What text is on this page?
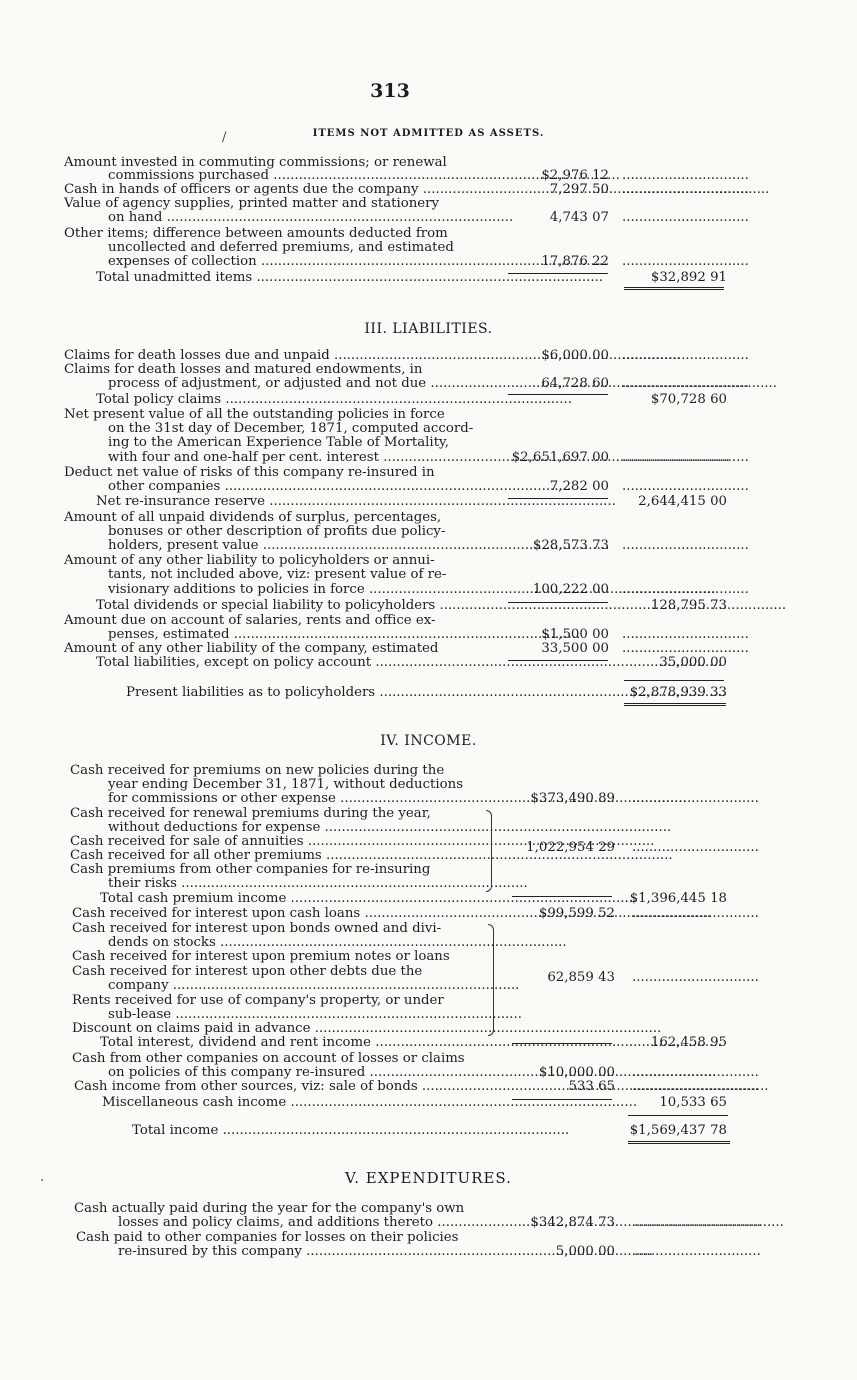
313
/	ITEMS NOT ADMITTED AS ASSETS.
Amount invested in commuting commissions; or renewal
commissions purchased .....	$2,976 12 ..............................
Cash in hands of officers or agents due the company .....	7,297 50 ..............................
Value of agency supplies, printed matter and stationery
on hand .....	4,743 07 ..............................
Other items; difference between amounts deducted from
uncollected and deferred premiums, and estimated
expenses of collection .....	17,876 22 ..............................
Total unadmitted items .....	$32,892 91
III. LIABILITIES.
Claims for death losses due and unpaid .....	$6,000 00 ..............................
Claims for death losses and matured endowments, in
process of adjustment, or adjusted and not due .....	64,728 60 ..............................
Total policy claims .....	$70,728 60
Net present value of all the outstanding policies in force
on the 31st day of December, 1871, computed accord-
ing to the American Experience Table of Mortality,
with four and one-half per cent. interest .....	$2,651,697 00 ..............................
Deduct net value of risks of this company re-insured in
other companies .....	7,282 00 ..............................
Net re-insurance reserve .....	2,644,415 00
Amount of all unpaid dividends of surplus, percentages,
bonuses or other description of profits due policy-
holders, present value .....	$28,573 73 ..............................
Amount of any other liability to policyholders or annui-
tants, not included above, viz: present value of re-
visionary additions to policies in force .....	100,222 00 ..............................
Total dividends or special liability to policyholders .....	128,795 73
Amount due on account of salaries, rents and office ex-
penses, estimated .....	$1,500 00 ..............................
Amount of any other liability of the company, estimated	33,500 00 ..............................
Total liabilities, except on policy account .....	35,000 00
Present liabilities as to policyholders .....	$2,878,939 33
IV. INCOME.
Cash received for premiums on new policies during the
year ending December 31, 1871, without deductions
for commissions or other expense .....	$373,490 89 ..............................
Cash received for renewal premiums during the year,
without deductions for expense .....
Cash received for sale of annuities .....	1,022,954 29 ..............................
Cash received for all other premiums .....
Cash premiums from other companies for re-insuring
their risks .....
Total cash premium income .....	$1,396,445 18
Cash received for interest upon cash loans .....	$99,599 52 ..............................
Cash received for interest upon bonds owned and divi-
dends on stocks .....
Cash received for interest upon premium notes or loans
Cash received for interest upon other debts due the	62,859 43 ..............................
company .....
Rents received for use of company's property, or under
sub-lease .....
Discount on claims paid in advance .....
Total interest, dividend and rent income .....	162,458 95
Cash from other companies on account of losses or claims
on policies of this company re-insured .....	$10,000 00 ..............................
Cash income from other sources, viz: sale of bonds .....	533 65 ..............................
Miscellaneous cash income .....	10,533 65
Total income .....	$1,569,437 78
V. EXPENDITURES.
.
Cash actually paid during the year for the company's own
losses and policy claims, and additions thereto .....	$342,874 73 ..............................
Cash paid to other companies for losses on their policies
re-insured by this company .....	5,000 00 ..............................
